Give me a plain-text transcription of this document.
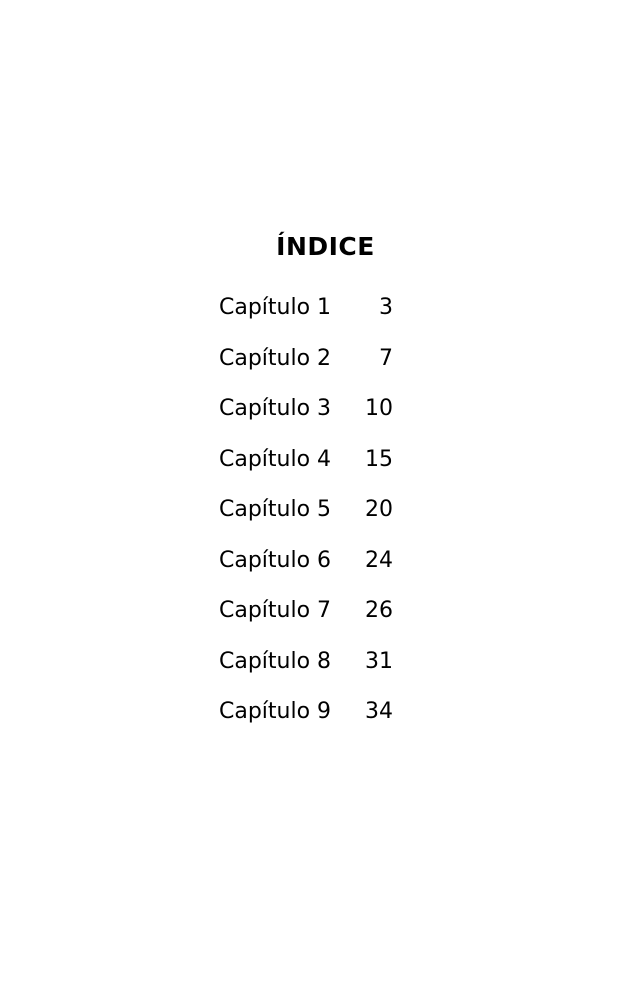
ÍNDICE
Capítulo 1	3
Capítulo 2	7
Capítulo 3	10
Capítulo 4	15
Capítulo 5	20
Capítulo 6	24
Capítulo 7	26
Capítulo 8	31
Capítulo 9	34
